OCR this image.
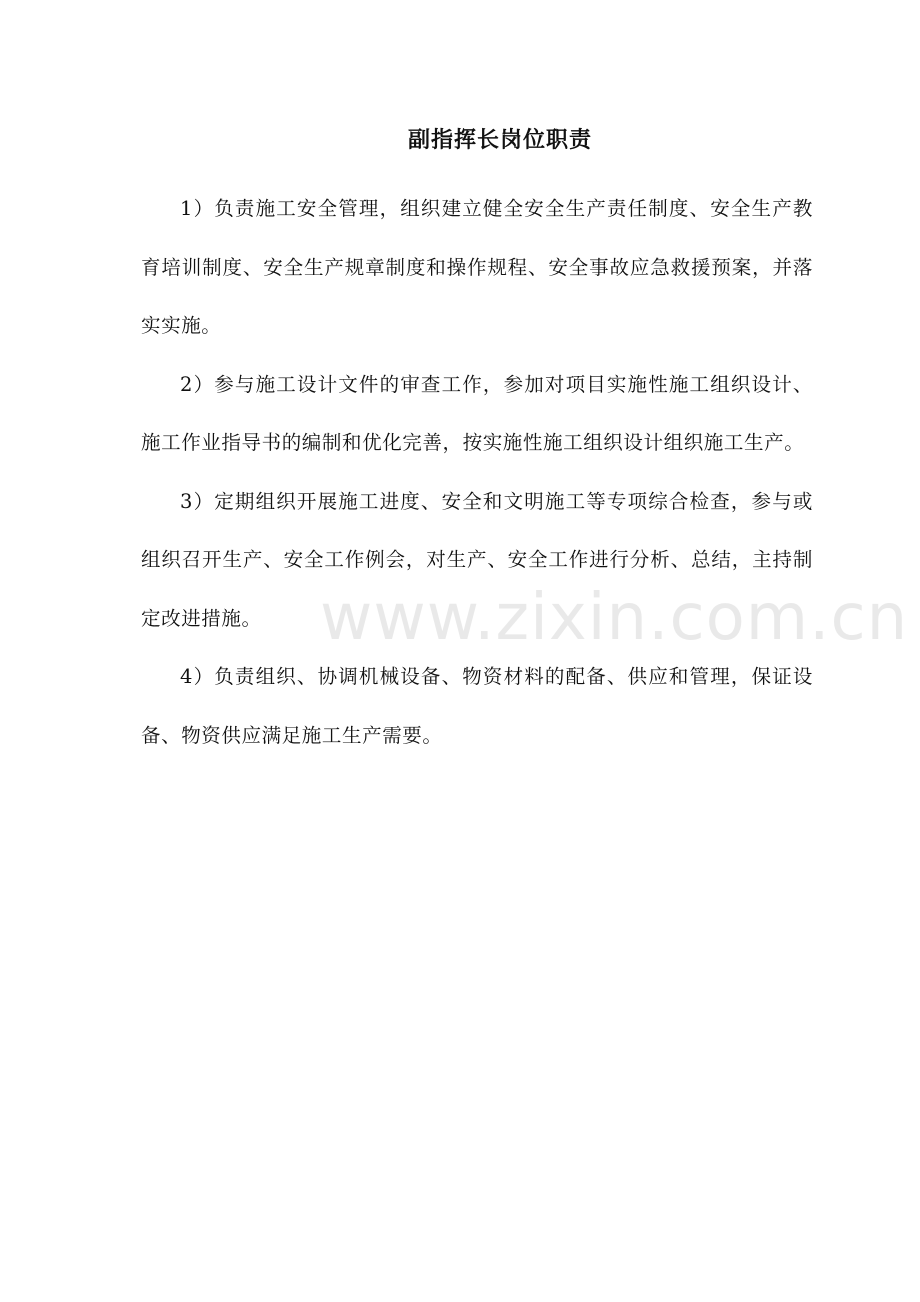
副指挥长岗位职责

1）负责施工安全管理，组织建立健全安全生产责任制度、安全生产教育培训制度、安全生产规章制度和操作规程、安全事故应急救援预案，并落实实施。

2）参与施工设计文件的审查工作，参加对项目实施性施工组织设计、施工作业指导书的编制和优化完善，按实施性施工组织设计组织施工生产。

3）定期组织开展施工进度、安全和文明施工等专项综合检查，参与或组织召开生产、安全工作例会，对生产、安全工作进行分析、总结，主持制定改进措施。

4）负责组织、协调机械设备、物资材料的配备、供应和管理，保证设备、物资供应满足施工生产需要。

www.zixin.com.cn
